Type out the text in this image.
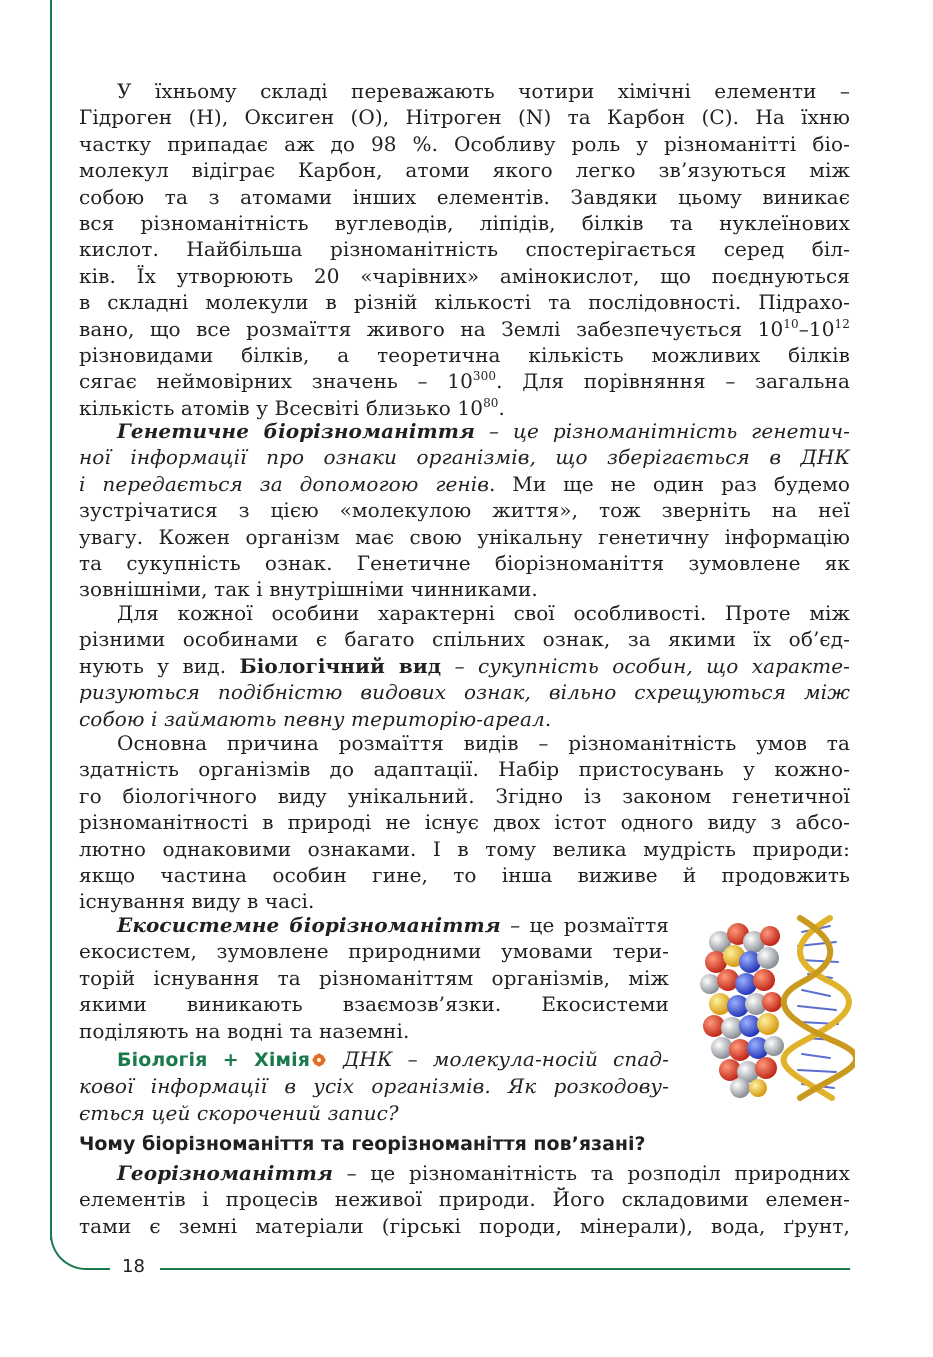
18
У їхньому складі переважають чотири хімічні елементи –
Гідроген (Н), Оксиген (О), Нітроген (N) та Карбон (С). На їхню
частку припадає аж до 98 %. Особливу роль у різноманітті біо-
молекул відіграє Карбон, атоми якого легко зв’язуються між
собою та з атомами інших елементів. Завдяки цьому виникає
вся різноманітність вуглеводів, ліпідів, білків та нуклеїнових
кислот. Найбільша різноманітність спостерігається серед біл-
ків. Їх утворюють 20 «чарівних» амінокислот, що поєднуються
в складні молекули в різній кількості та послідовності. Підрахо-
вано, що все розмаїття живого на Землі забезпечується $10^{10}-10^{12}$
різновидами білків, а теоретична кількість можливих білків
сягає неймовірних значень – $10^{300}$. Для порівняння – загальна
кількість атомів у Всесвіті близько $10^{80}$.
Генетичне біорізноманіття – це різноманітність генетич-
ної інформації про ознаки організмів, що зберігається в ДНК
і передається за допомогою генів. Ми ще не один раз будемо
зустрічатися з цією «молекулою життя», тож зверніть на неї
увагу. Кожен організм має свою унікальну генетичну інформацію
та сукупність ознак. Генетичне біорізноманіття зумовлене як
зовнішніми, так і внутрішніми чинниками.
Для кожної особини характерні свої особливості. Проте між
різними особинами є багато спільних ознак, за якими їх об’єд-
нують у вид. Біологічний вид – сукупність особин, що характе-
ризуються подібністю видових ознак, вільно схрещуються між
собою і займають певну територію-ареал.
Основна причина розмаїття видів – різноманітність умов та
здатність організмів до адаптації. Набір пристосувань у кожно-
го біологічного виду унікальний. Згідно із законом генетичної
різноманітності в природі не існує двох істот одного виду з абсо-
лютно однаковими ознаками. І в тому велика мудрість природи:
якщо частина особин гине, то інша виживе й продовжить
існування виду в часі.
Екосистемне біорізноманіття – це розмаїття
екосистем, зумовлене природними умовами тери-
торій існування та різноманіттям організмів, між
якими виникають взаємозв’язки. Екосистеми
поділяють на водні та наземні.
Біологія + Хімія ДНК – молекула-носій спад-
кової інформації в усіх організмів. Як розкодову-
ється цей скорочений запис?
Чому біорізноманіття та георізноманіття пов’язані?
Георізноманіття – це різноманітність та розподіл природних
елементів і процесів неживої природи. Його складовими елемен-
тами є земні матеріали (гірські породи, мінерали), вода, ґрунт,
